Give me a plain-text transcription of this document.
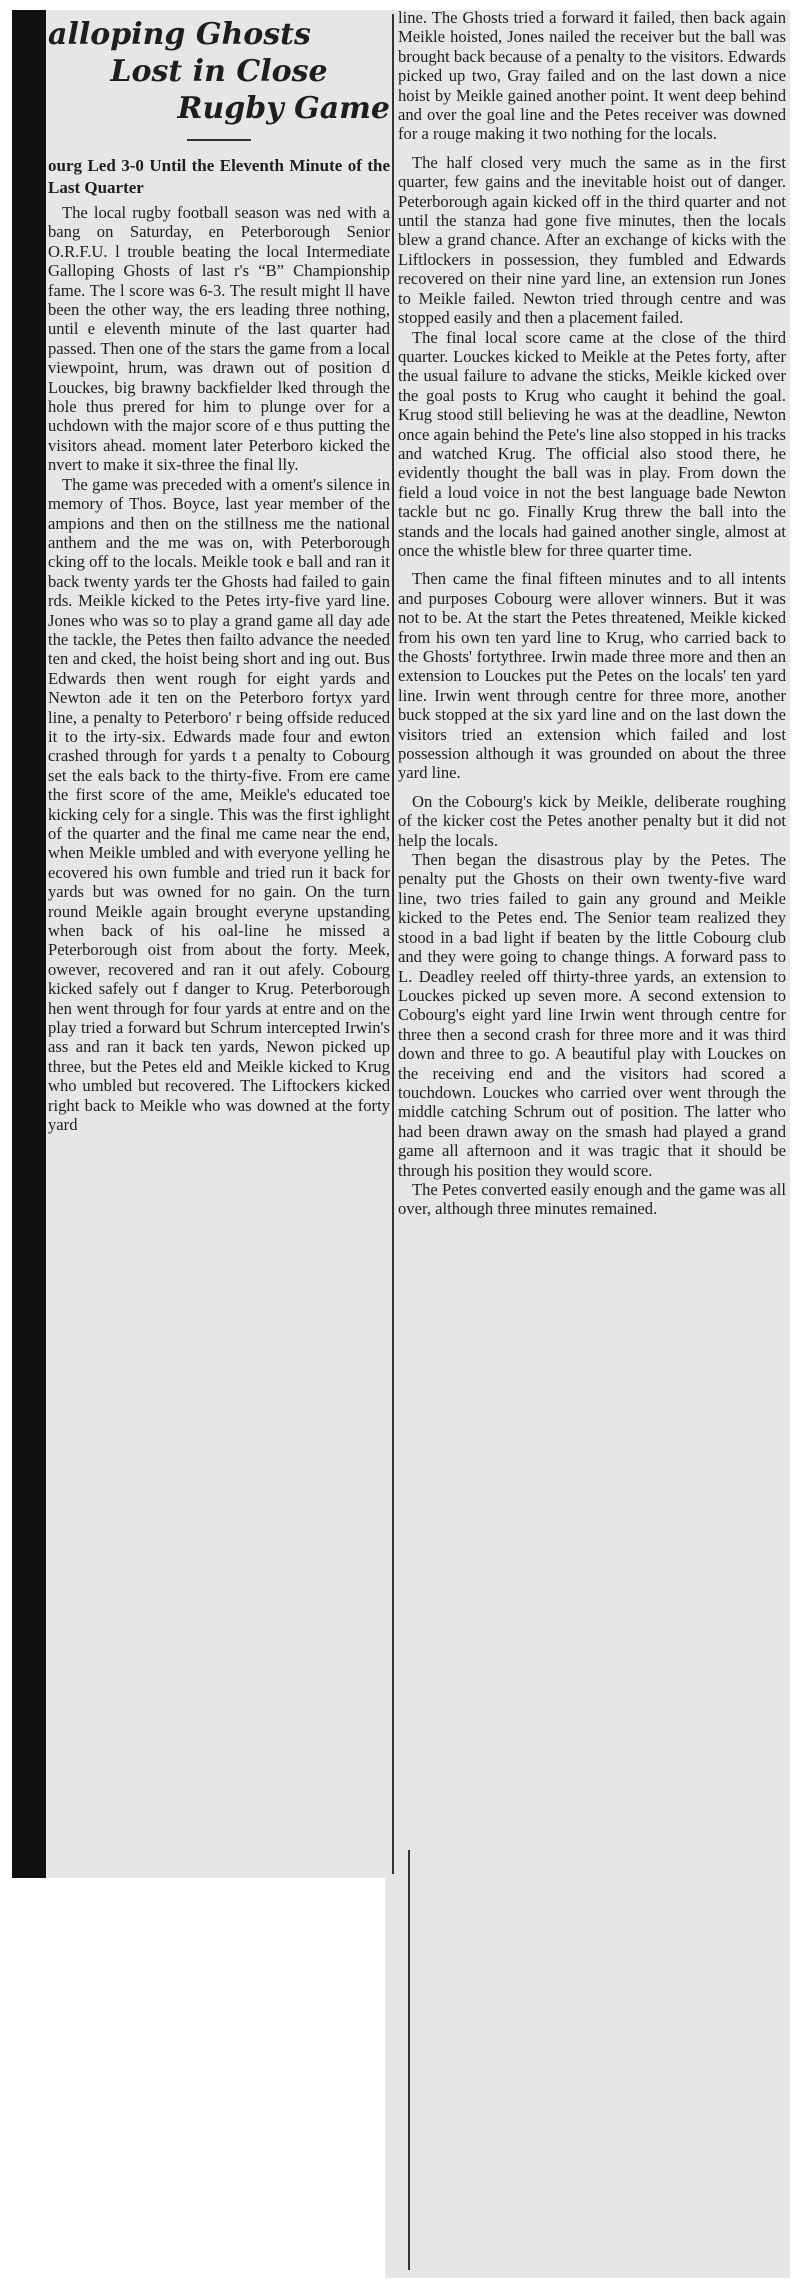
alloping Ghosts
Lost in Close
Rugby Game
ourg Led 3-0 Until the Eleventh Minute of the Last Quarter

The local rugby football season was ned with a bang on Saturday, en Peterborough Senior O.R.F.U. l trouble beating the local Intermediate Galloping Ghosts of last r's “B” Championship fame. The l score was 6-3. The result might ll have been the other way, the ers leading three nothing, until e eleventh minute of the last quarter had passed. Then one of the stars the game from a local viewpoint, hrum, was drawn out of position d Louckes, big brawny backfielder lked through the hole thus prered for him to plunge over for a uchdown with the major score of e thus putting the visitors ahead. moment later Peterboro kicked the nvert to make it six-three the final lly.

The game was preceded with a oment's silence in memory of Thos. Boyce, last year member of the ampions and then on the stillness me the national anthem and the me was on, with Peterborough cking off to the locals. Meikle took e ball and ran it back twenty yards ter the Ghosts had failed to gain rds. Meikle kicked to the Petes irty-five yard line. Jones who was so to play a grand game all day ade the tackle, the Petes then failto advance the needed ten and cked, the hoist being short and ing out. Bus Edwards then went rough for eight yards and Newton ade it ten on the Peterboro fortyx yard line, a penalty to Peterboro' r being offside reduced it to the irty-six. Edwards made four and ewton crashed through for yards t a penalty to Cobourg set the eals back to the thirty-five. From ere came the first score of the ame, Meikle's educated toe kicking cely for a single. This was the first ighlight of the quarter and the final me came near the end, when Meikle umbled and with everyone yelling he ecovered his own fumble and tried run it back for yards but was owned for no gain. On the turn round Meikle again brought everyne upstanding when back of his oal-line he missed a Peterborough oist from about the forty. Meek, owever, recovered and ran it out afely. Cobourg kicked safely out f danger to Krug. Peterborough hen went through for four yards at entre and on the play tried a forward but Schrum intercepted Irwin's ass and ran it back ten yards, Newon picked up three, but the Petes eld and Meikle kicked to Krug who umbled but recovered. The Liftockers kicked right back to Meikle who was downed at the forty yard

line. The Ghosts tried a forward it failed, then back again Meikle hoisted, Jones nailed the receiver but the ball was brought back because of a penalty to the visitors. Edwards picked up two, Gray failed and on the last down a nice hoist by Meikle gained another point. It went deep behind and over the goal line and the Petes receiver was downed for a rouge making it two nothing for the locals.

The half closed very much the same as in the first quarter, few gains and the inevitable hoist out of danger. Peterborough again kicked off in the third quarter and not until the stanza had gone five minutes, then the locals blew a grand chance. After an exchange of kicks with the Liftlockers in possession, they fumbled and Edwards recovered on their nine yard line, an extension run Jones to Meikle failed. Newton tried through centre and was stopped easily and then a placement failed.

The final local score came at the close of the third quarter. Louckes kicked to Meikle at the Petes forty, after the usual failure to advane the sticks, Meikle kicked over the goal posts to Krug who caught it behind the goal. Krug stood still believing he was at the deadline, Newton once again behind the Pete's line also stopped in his tracks and watched Krug. The official also stood there, he evidently thought the ball was in play. From down the field a loud voice in not the best language bade Newton tackle but nc go. Finally Krug threw the ball into the stands and the locals had gained another single, almost at once the whistle blew for three quarter time.

Then came the final fifteen minutes and to all intents and purposes Cobourg were allover winners. But it was not to be. At the start the Petes threatened, Meikle kicked from his own ten yard line to Krug, who carried back to the Ghosts' fortythree. Irwin made three more and then an extension to Louckes put the Petes on the locals' ten yard line. Irwin went through centre for three more, another buck stopped at the six yard line and on the last down the visitors tried an extension which failed and lost possession although it was grounded on about the three yard line.

On the Cobourg's kick by Meikle, deliberate roughing of the kicker cost the Petes another penalty but it did not help the locals.

Then began the disastrous play by the Petes. The penalty put the Ghosts on their own twenty-five ward line, two tries failed to gain any ground and Meikle kicked to the Petes end. The Senior team realized they stood in a bad light if beaten by the little Cobourg club and they were going to change things. A forward pass to L. Deadley reeled off thirty-three yards, an extension to Louckes picked up seven more. A second extension to Cobourg's eight yard line Irwin went through centre for three then a second crash for three more and it was third down and three to go. A beautiful play with Louckes on the receiving end and the visitors had scored a touchdown. Louckes who carried over went through the middle catching Schrum out of position. The latter who had been drawn away on the smash had played a grand game all afternoon and it was tragic that it should be through his position they would score.

The Petes converted easily enough and the game was all over, although three minutes remained.
